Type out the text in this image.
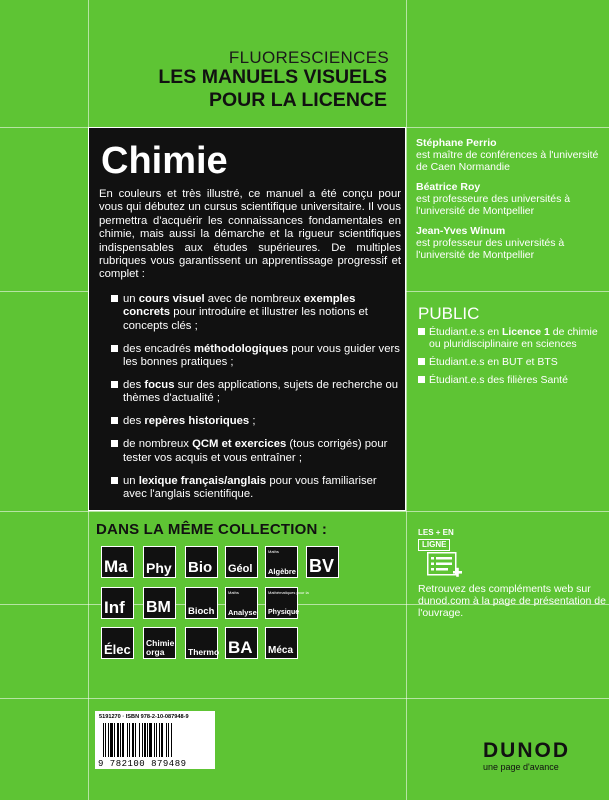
FLUORESCIENCES
LES MANUELS VISUELS
POUR LA LICENCE
Chimie

En couleurs et très illustré, ce manuel a été conçu pour vous qui débutez un cursus scientifique universitaire. Il vous permettra d'acquérir les connaissances fondamentales en chimie, mais aussi la démarche et la rigueur scientifiques indispensables aux études supérieures. De multiples rubriques vous garantissent un apprentissage progressif et complet :

un cours visuel avec de nombreux exemples concrets pour introduire et illustrer les notions et concepts clés ;
des encadrés méthodologiques pour vous guider vers les bonnes pratiques ;
des focus sur des applications, sujets de recherche ou thèmes d'actualité ;
des repères historiques ;
de nombreux QCM et exercices (tous corrigés) pour tester vos acquis et vous entraîner ;
un lexique français/anglais pour vous familiariser avec l'anglais scientifique.
Stéphane Perrio
est maître de conférences à l'université de Caen Normandie
Béatrice Roy
est professeure des universités à l'université de Montpellier
Jean-Yves Winum
est professeur des universités à l'université de Montpellier
PUBLIC
Étudiant.e.s en Licence 1 de chimie ou pluridisciplinaire en sciences
Étudiant.e.s en BUT et BTS
Étudiant.e.s des filières Santé
DANS LA MÊME COLLECTION :
Ma Phy Bio Géol
Maths
Algèbre BV
Inf BM Bioch
Maths
Analyse
Mathématiques pour la
Physique
Élec Chimie orga	Thermo BA Méca
LES + EN
LIGNE
Retrouvez des compléments web sur dunod.com à la page de présentation de l'ouvrage.
5191270 · ISBN 978-2-10-087948-9
9 782100 879489
DUNOD
une page d'avance
